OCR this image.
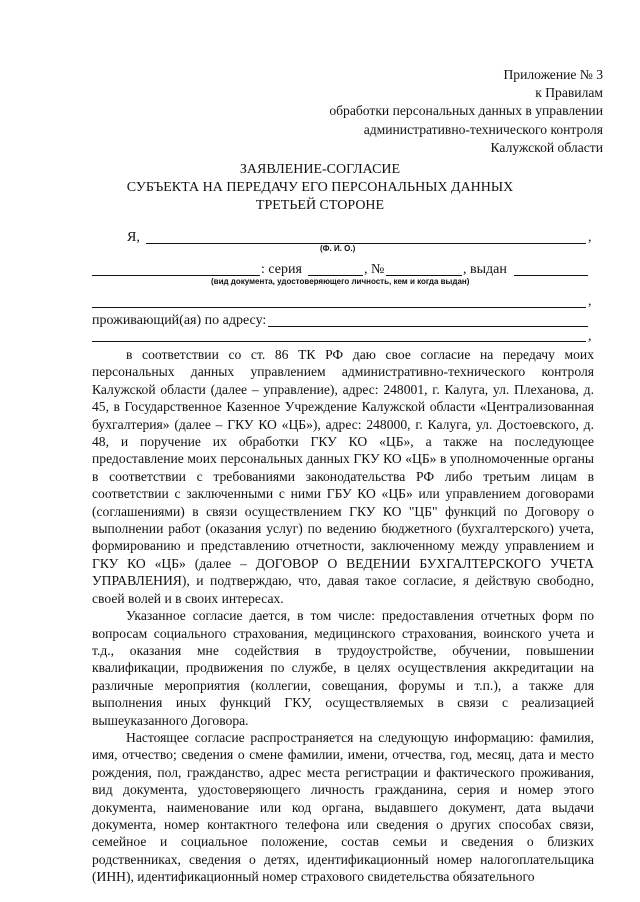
Приложение № 3
к Правилам
обработки персональных данных в управлении
административно-технического контроля
Калужской области
ЗАЯВЛЕНИЕ-СОГЛАСИЕ
СУБЪЕКТА НА ПЕРЕДАЧУ ЕГО ПЕРСОНАЛЬНЫХ ДАННЫХ
ТРЕТЬЕЙ СТОРОНЕ
Я,	,
(Ф. И. О.)
: серия	, №	, выдан
(вид документа, удостоверяющего личность, кем и когда выдан)
,
проживающий(ая) по адресу:
,

в соответствии со ст. 86 ТК РФ даю свое согласие на передачу моих персональных данных управлением административно-технического контроля Калужской области (далее – управление), адрес: 248001, г. Калуга, ул. Плеханова, д. 45, в Государственное Казенное Учреждение Калужской области «Централизованная бухгалтерия» (далее – ГКУ КО «ЦБ»), адрес: 248000, г. Калуга, ул. Достоевского, д. 48, и поручение их обработки ГКУ КО «ЦБ», а также на последующее предоставление моих персональных данных ГКУ КО «ЦБ» в уполномоченные органы в соответствии с требованиями законодательства РФ либо третьим лицам в соответствии с заключенными с ними ГБУ КО «ЦБ» или управлением договорами (соглашениями) в связи осуществлением ГКУ КО "ЦБ" функций по Договору о выполнении работ (оказания услуг) по ведению бюджетного (бухгалтерского) учета, формированию и представлению отчетности, заключенному между управлением и ГКУ КО «ЦБ» (далее – ДОГОВОР О ВЕДЕНИИ БУХГАЛТЕРСКОГО УЧЕТА УПРАВЛЕНИЯ), и подтверждаю, что, давая такое согласие, я действую свободно, своей волей и в своих интересах.

Указанное согласие дается, в том числе: предоставления отчетных форм по вопросам социального страхования, медицинского страхования, воинского учета и т.д., оказания мне содействия в трудоустройстве, обучении, повышении квалификации, продвижения по службе, в целях осуществления аккредитации на различные мероприятия (коллегии, совещания, форумы и т.п.), а также для выполнения иных функций ГКУ, осуществляемых в связи с реализацией вышеуказанного Договора.

Настоящее согласие распространяется на следующую информацию: фамилия, имя, отчество; сведения о смене фамилии, имени, отчества, год, месяц, дата и место рождения, пол, гражданство, адрес места регистрации и фактического проживания, вид документа, удостоверяющего личность гражданина, серия и номер этого документа, наименование или код органа, выдавшего документ, дата выдачи документа, номер контактного телефона или сведения о других способах связи, семейное и социальное положение, состав семьи и сведения о близких родственниках, сведения о детях, идентификационный номер налогоплательщика (ИНН), идентификационный номер страхового свидетельства обязательного
